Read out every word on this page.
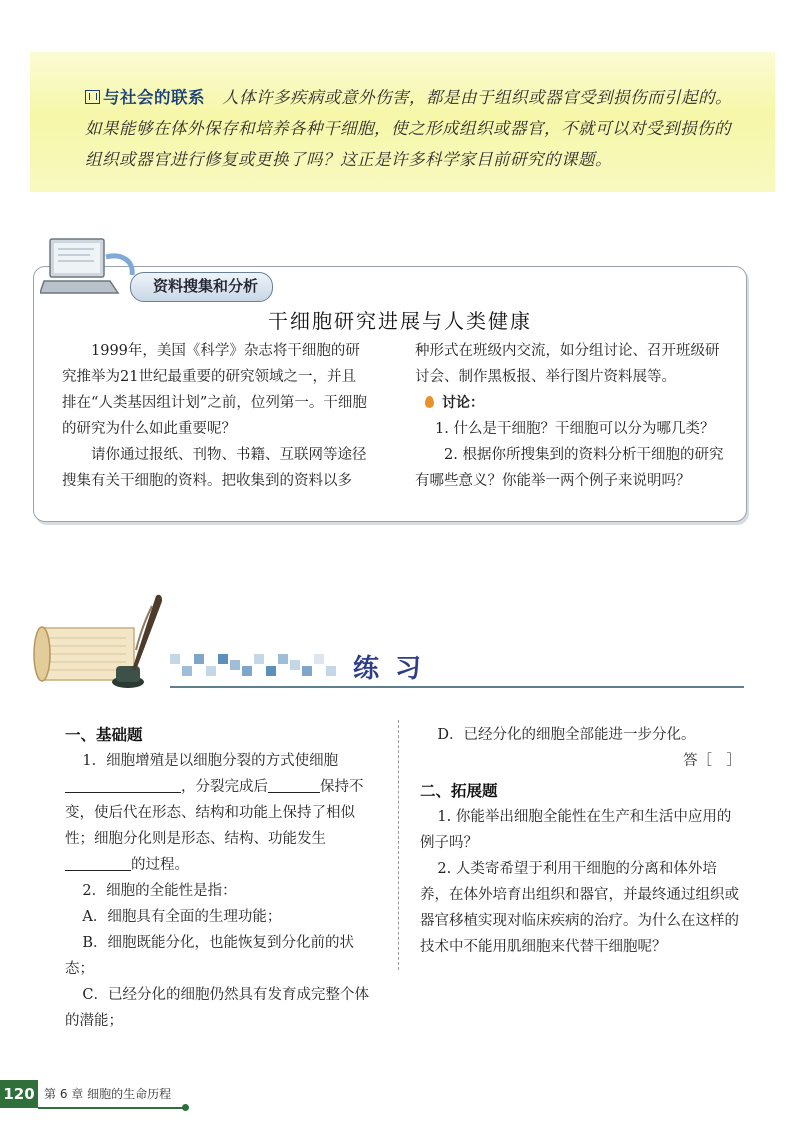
与社会的联系　 人体许多疾病或意外伤害，都是由于组织或器官受到损伤而引起的。如果能够在体外保存和培养各种干细胞，使之形成组织或器官，不就可以对受到损伤的组织或器官进行修复或更换了吗？这正是许多科学家目前研究的课题。
资料搜集和分析
干细胞研究进展与人类健康

1999年，美国《科学》杂志将干细胞的研究推举为21世纪最重要的研究领域之一，并且排在“人类基因组计划”之前，位列第一。干细胞的研究为什么如此重要呢？

请你通过报纸、刊物、书籍、互联网等途径搜集有关干细胞的资料。把收集到的资料以多

种形式在班级内交流，如分组讨论、召开班级研讨会、制作黑板报、举行图片资料展等。

讨论：

1. 什么是干细胞？干细胞可以分为哪几类？

2. 根据你所搜集到的资料分析干细胞的研究有哪些意义？你能举一两个例子来说明吗？

练习

一、基础题

1．细胞增殖是以细胞分裂的方式使细胞，分裂完成后	保持不变，使后代在形态、结构和功能上保持了相似性；细胞分化则是形态、结构、功能发生的过程。

2．细胞的全能性是指：

A．细胞具有全面的生理功能；

B．细胞既能分化，也能恢复到分化前的状态；

C．已经分化的细胞仍然具有发育成完整个体的潜能；

D．已经分化的细胞全部能进一步分化。

答［　］

二、拓展题

1. 你能举出细胞全能性在生产和生活中应用的例子吗？

2. 人类寄希望于利用干细胞的分离和体外培养，在体外培育出组织和器官，并最终通过组织或器官移植实现对临床疾病的治疗。为什么在这样的技术中不能用肌细胞来代替干细胞呢？

120 第 6 章 细胞的生命历程
